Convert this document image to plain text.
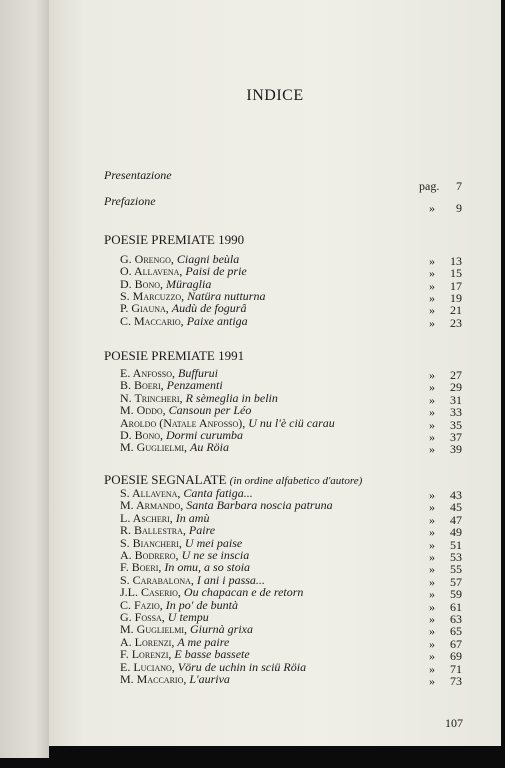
INDICE
Presentazione
pag.	7
Prefazione	»	9
POESIE PREMIATE 1990
G. Orengo, Ciagni beùla	»	13
O. Allavena, Paisi de prie	»	15
D. Bono, Müraglia	»	17
S. Marcuzzo, Natüra nutturna	»	19
P. Giauna, Audù de fogurâ	»	21
C. Maccario, Paixe antiga	»	23
POESIE PREMIATE 1991
E. Anfosso, Buffurui	»	27
B. Boeri, Penzamenti	»	29
N. Trincheri, R sèmeglia in belin	»	31
M. Oddo, Cansoun per Léo	»	33
Aroldo (Natale Anfosso), U nu l'è ciü carau	»	35
D. Bono, Dormi curumba	»	37
M. Guglielmi, Au Röia	»	39
POESIE SEGNALATE (in ordine alfabetico d'autore)
S. Allavena, Canta fatiga...	»	43
M. Armando, Santa Barbara noscia patruna	»	45
L. Ascheri, In amù	»	47
R. Ballestra, Paire	»	49
S. Biancheri, U mei paise	»	51
A. Bodrero, U ne se inscia	»	53
F. Boeri, In omu, a so stoia	»	55
S. Carabalona, I ani i passa...	»	57
J.L. Caserio, Ou chapacan e de retorn	»	59
C. Fazio, In po' de buntà	»	61
G. Fossa, U tempu	»	63
M. Guglielmi, Giurnà grixa	»	65
A. Lorenzi, A me paire	»	67
F. Lorenzi, E basse bassete	»	69
E. Luciano, Vöru de uchin in sciü Röia	»	71
M. Maccario, L'auriva	»	73
107
